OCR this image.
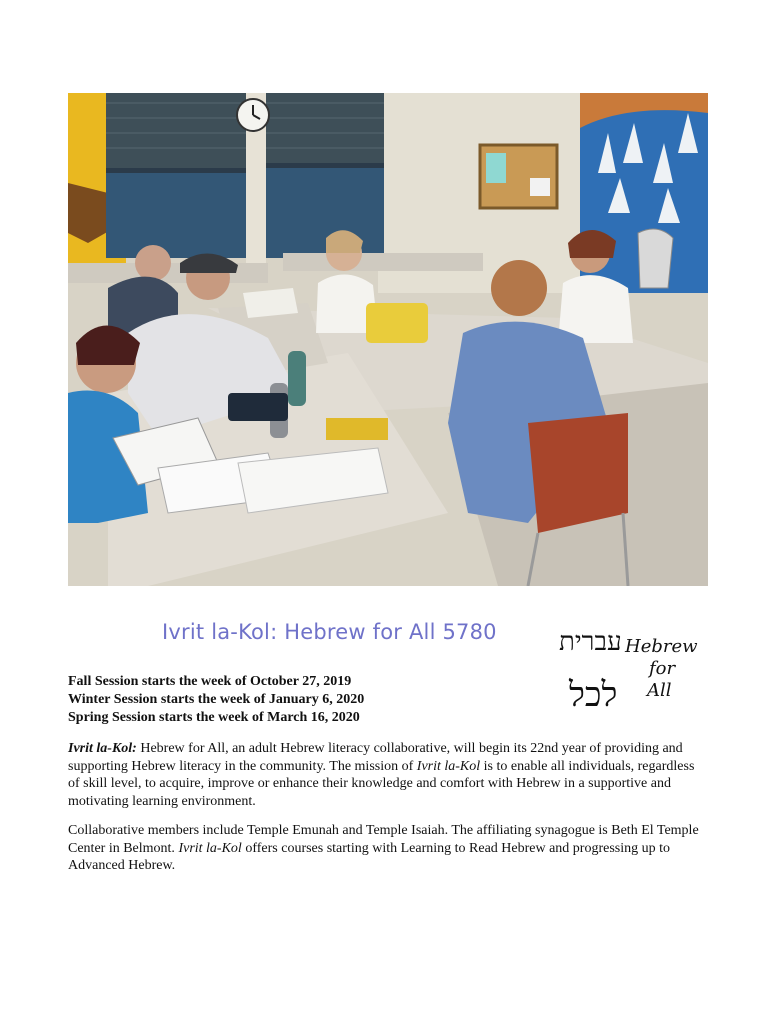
Ivrit la-Kol: Hebrew for All 5780 עברית
לכל
Hebrew
for
All
Fall Session starts the week of October 27, 2019
Winter Session starts the week of January 6, 2020
Spring Session starts the week of March 16, 2020
Ivrit la-Kol: Hebrew for All, an adult Hebrew literacy collaborative, will begin its 22nd year of providing and supporting Hebrew literacy in the community. The mission of Ivrit la-Kol is to enable all individuals, regardless of skill level, to acquire, improve or enhance their knowledge and comfort with Hebrew in a supportive and motivating learning environment.
Collaborative members include Temple Emunah and Temple Isaiah. The affiliating synagogue is Beth El Temple Center in Belmont. Ivrit la-Kol offers courses starting with Learning to Read Hebrew and progressing up to Advanced Hebrew.
